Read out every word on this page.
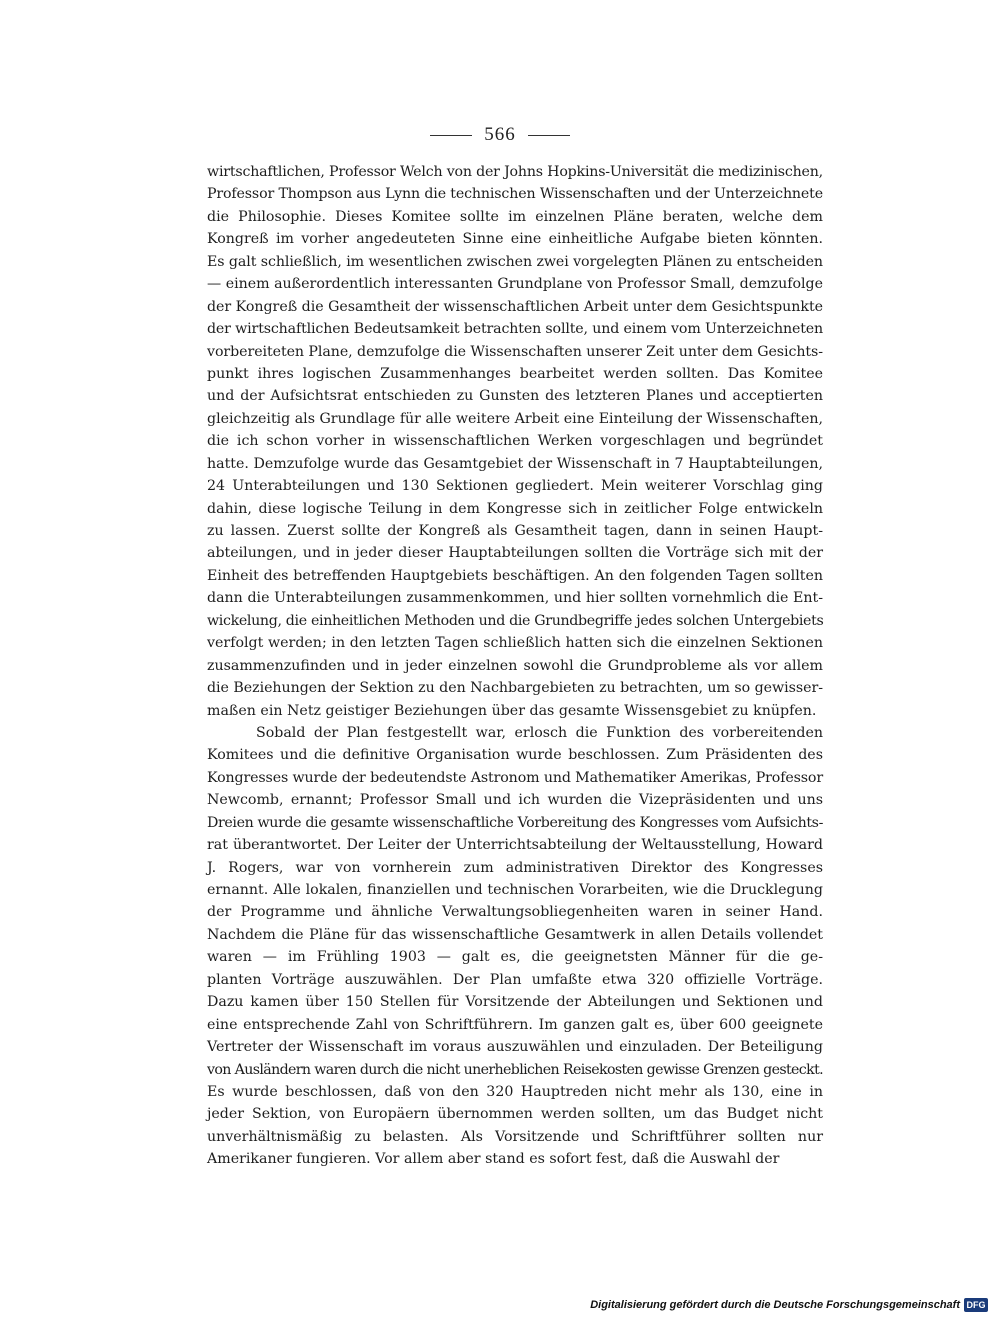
566
wirtschaftlichen, Professor Welch von der Johns Hopkins-Universität die medizinischen,
Professor Thompson aus Lynn die technischen Wissenschaften und der Unterzeichnete
die Philosophie. Dieses Komitee sollte im einzelnen Pläne beraten, welche dem
Kongreß im vorher angedeuteten Sinne eine einheitliche Aufgabe bieten könnten.
Es galt schließlich, im wesentlichen zwischen zwei vorgelegten Plänen zu entscheiden
— einem außerordentlich interessanten Grundplane von Professor Small, demzufolge
der Kongreß die Gesamtheit der wissenschaftlichen Arbeit unter dem Gesichtspunkte
der wirtschaftlichen Bedeutsamkeit betrachten sollte, und einem vom Unterzeichneten
vorbereiteten Plane, demzufolge die Wissenschaften unserer Zeit unter dem Gesichts-
punkt ihres logischen Zusammenhanges bearbeitet werden sollten. Das Komitee
und der Aufsichtsrat entschieden zu Gunsten des letzteren Planes und acceptierten
gleichzeitig als Grundlage für alle weitere Arbeit eine Einteilung der Wissenschaften,
die ich schon vorher in wissenschaftlichen Werken vorgeschlagen und begründet
hatte. Demzufolge wurde das Gesamtgebiet der Wissenschaft in 7 Hauptabteilungen,
24 Unterabteilungen und 130 Sektionen gegliedert. Mein weiterer Vorschlag ging
dahin, diese logische Teilung in dem Kongresse sich in zeitlicher Folge entwickeln
zu lassen. Zuerst sollte der Kongreß als Gesamtheit tagen, dann in seinen Haupt-
abteilungen, und in jeder dieser Hauptabteilungen sollten die Vorträge sich mit der
Einheit des betreffenden Hauptgebiets beschäftigen. An den folgenden Tagen sollten
dann die Unterabteilungen zusammenkommen, und hier sollten vornehmlich die Ent-
wickelung, die einheitlichen Methoden und die Grundbegriffe jedes solchen Untergebiets
verfolgt werden; in den letzten Tagen schließlich hatten sich die einzelnen Sektionen
zusammenzufinden und in jeder einzelnen sowohl die Grundprobleme als vor allem
die Beziehungen der Sektion zu den Nachbargebieten zu betrachten, um so gewisser-
maßen ein Netz geistiger Beziehungen über das gesamte Wissensgebiet zu knüpfen.
Sobald der Plan festgestellt war, erlosch die Funktion des vorbereitenden
Komitees und die definitive Organisation wurde beschlossen. Zum Präsidenten des
Kongresses wurde der bedeutendste Astronom und Mathematiker Amerikas, Professor
Newcomb, ernannt; Professor Small und ich wurden die Vizepräsidenten und uns
Dreien wurde die gesamte wissenschaftliche Vorbereitung des Kongresses vom Aufsichts-
rat überantwortet. Der Leiter der Unterrichtsabteilung der Weltausstellung, Howard
J. Rogers, war von vornherein zum administrativen Direktor des Kongresses
ernannt. Alle lokalen, finanziellen und technischen Vorarbeiten, wie die Drucklegung
der Programme und ähnliche Verwaltungsobliegenheiten waren in seiner Hand.
Nachdem die Pläne für das wissenschaftliche Gesamtwerk in allen Details vollendet
waren — im Frühling 1903 — galt es, die geeignetsten Männer für die ge-
planten Vorträge auszuwählen. Der Plan umfaßte etwa 320 offizielle Vorträge.
Dazu kamen über 150 Stellen für Vorsitzende der Abteilungen und Sektionen und
eine entsprechende Zahl von Schriftführern. Im ganzen galt es, über 600 geeignete
Vertreter der Wissenschaft im voraus auszuwählen und einzuladen. Der Beteiligung
von Ausländern waren durch die nicht unerheblichen Reisekosten gewisse Grenzen gesteckt.
Es wurde beschlossen, daß von den 320 Hauptreden nicht mehr als 130, eine in
jeder Sektion, von Europäern übernommen werden sollten, um das Budget nicht
unverhältnismäßig zu belasten. Als Vorsitzende und Schriftführer sollten nur
Amerikaner fungieren. Vor allem aber stand es sofort fest, daß die Auswahl der
Digitalisierung gefördert durch die Deutsche Forschungsgemeinschaft DFG
